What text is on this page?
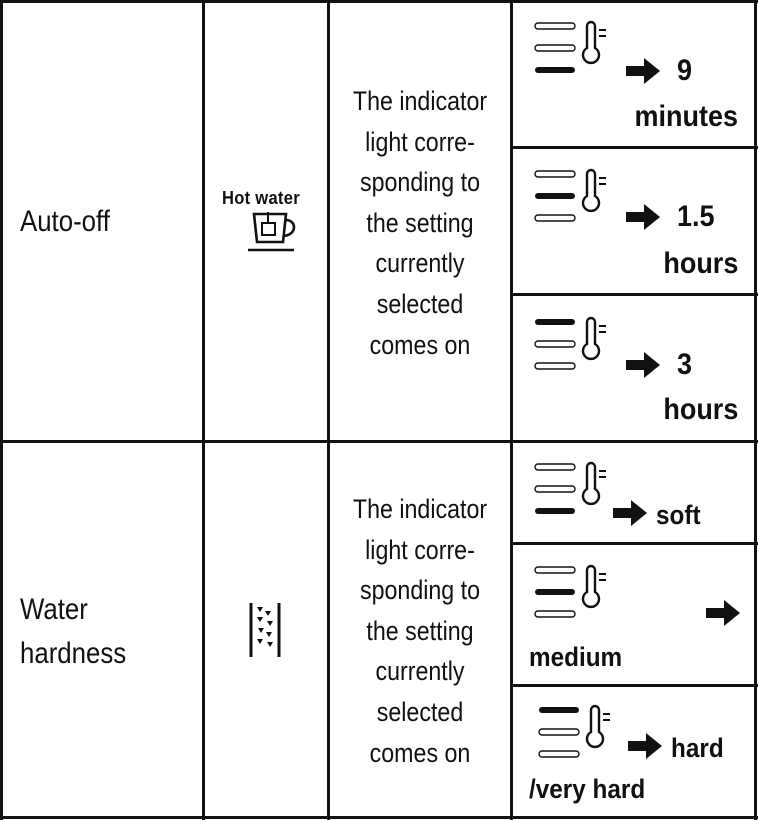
Auto-off
Hot water
The indicator
light corre-
sponding to
the setting
currently
selected
comes on
9
minutes
1.5
hours
3
hours
Water
hardness
The indicator
light corre-
sponding to
the setting
currently
selected
comes on
soft
medium
hard
/very hard
